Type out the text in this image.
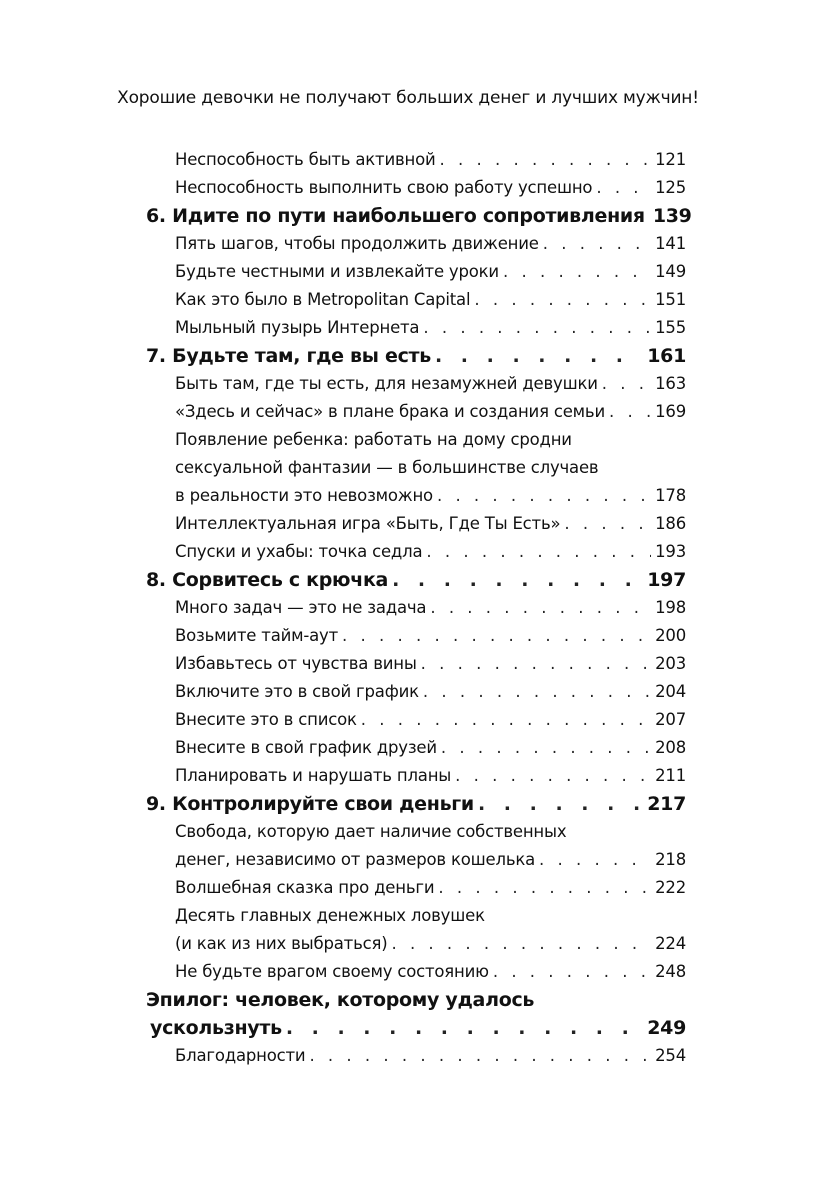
Хорошие девочки не получают больших денег и лучших мужчин!
Неспособность быть активной . . .	121
Неспособность выполнить свою работу успешно . . .	125
6. Идите по пути наибольшего сопротивления 139
Пять шагов, чтобы продолжить движение . . .	141
Будьте честными и извлекайте уроки . . .	149
Как это было в Metropolitan Capital . . .	151
Мыльный пузырь Интернета . . .	155
7. Будьте там, где вы есть . . .	161
Быть там, где ты есть, для незамужней девушки . . .	163
«Здесь и сейчас» в плане брака и создания семьи . . .	169
Появление ребенка: работать на дому сродни
сексуальной фантазии — в большинстве случаев
в реальности это невозможно . . .	178
Интеллектуальная игра «Быть, Где Ты Есть» . . .	186
Спуски и ухабы: точка седла . . .	193
8. Сорвитесь с крючка . . .	197
Много задач — это не задача . . .	198
Возьмите тайм-аут . . .	200
Избавьтесь от чувства вины . . .	203
Включите это в свой график . . .	204
Внесите это в список . . .	207
Внесите в свой график друзей . . .	208
Планировать и нарушать планы . . .	211
9. Контролируйте свои деньги . . .	217
Свобода, которую дает наличие собственных
денег, независимо от размеров кошелька . . .	218
Волшебная сказка про деньги . . .	222
Десять главных денежных ловушек
(и как из них выбраться) . . .	224
Не будьте врагом своему состоянию . . .	248
Эпилог: человек, которому удалось
ускользнуть . . .	249
Благодарности . . .	254
